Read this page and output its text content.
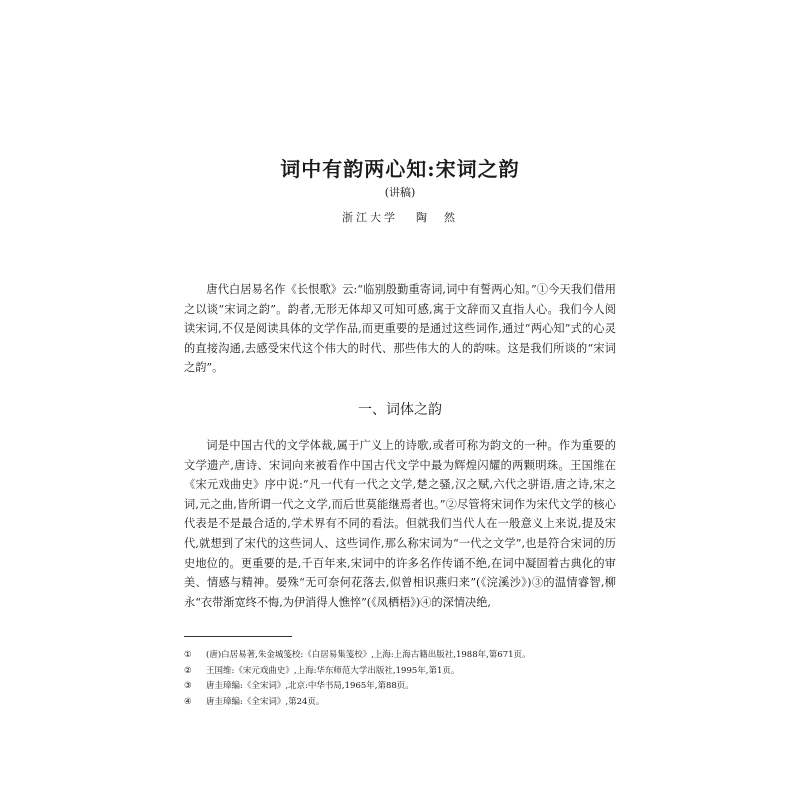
词中有韵两心知:宋词之韵
(讲稿)
浙江大学 陶　然

唐代白居易名作《长恨歌》云:“临别殷勤重寄词,词中有誓两心知。”①今天我们借用之以谈“宋词之韵”。韵者,无形无体却又可知可感,寓于文辞而又直指人心。我们今人阅读宋词,不仅是阅读具体的文学作品,而更重要的是通过这些词作,通过“两心知”式的心灵的直接沟通,去感受宋代这个伟大的时代、那些伟大的人的韵味。这是我们所谈的“宋词之韵”。

一、词体之韵

词是中国古代的文学体裁,属于广义上的诗歌,或者可称为韵文的一种。作为重要的文学遗产,唐诗、宋词向来被看作中国古代文学中最为辉煌闪耀的两颗明珠。王国维在《宋元戏曲史》序中说:“凡一代有一代之文学,楚之骚,汉之赋,六代之骈语,唐之诗,宋之词,元之曲,皆所谓一代之文学,而后世莫能继焉者也。”②尽管将宋词作为宋代文学的核心代表是不是最合适的,学术界有不同的看法。但就我们当代人在一般意义上来说,提及宋代,就想到了宋代的这些词人、这些词作,那么称宋词为“一代之文学”,也是符合宋词的历史地位的。更重要的是,千百年来,宋词中的许多名作传诵不绝,在词中凝固着古典化的审美、情感与精神。晏殊“无可奈何花落去,似曾相识燕归来”(《浣溪沙》)③的温情睿智,柳永“衣带渐宽终不悔,为伊消得人憔悴”(《凤栖梧》)④的深情决绝,

①	(唐)白居易著,朱金城笺校:《白居易集笺校》,上海:上海古籍出版社,1988年,第671页。
②	王国维:《宋元戏曲史》,上海:华东师范大学出版社,1995年,第1页。
③	唐圭璋编:《全宋词》,北京:中华书局,1965年,第88页。
④	唐圭璋编:《全宋词》,第24页。
